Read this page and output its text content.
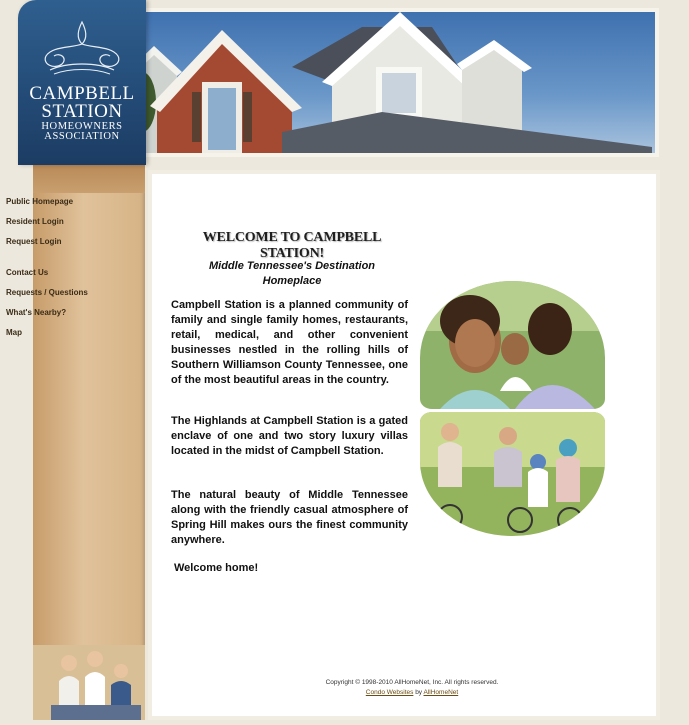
CAMPBELL
STATION
HOMEOWNERS
ASSOCIATION
Public Homepage
Resident Login
Request Login
Contact Us
Requests / Questions
What's Nearby?
Map
WELCOME TO CAMPBELL STATION!
Middle Tennessee's Destination
Homeplace

Campbell Station is a planned community of family and single family homes, restaurants, retail, medical, and other convenient businesses nestled in the rolling hills of Southern Williamson County Tennessee, one of the most beautiful areas in the country.

The Highlands at Campbell Station is a gated enclave of one and two story luxury villas located in the midst of Campbell Station.

The natural beauty of Middle Tennessee along with the friendly casual atmosphere of Spring Hill makes ours the finest community anywhere.

Welcome home!

Copyright © 1998-2010 AllHomeNet, Inc. All rights reserved.
Condo Websites by AllHomeNet
